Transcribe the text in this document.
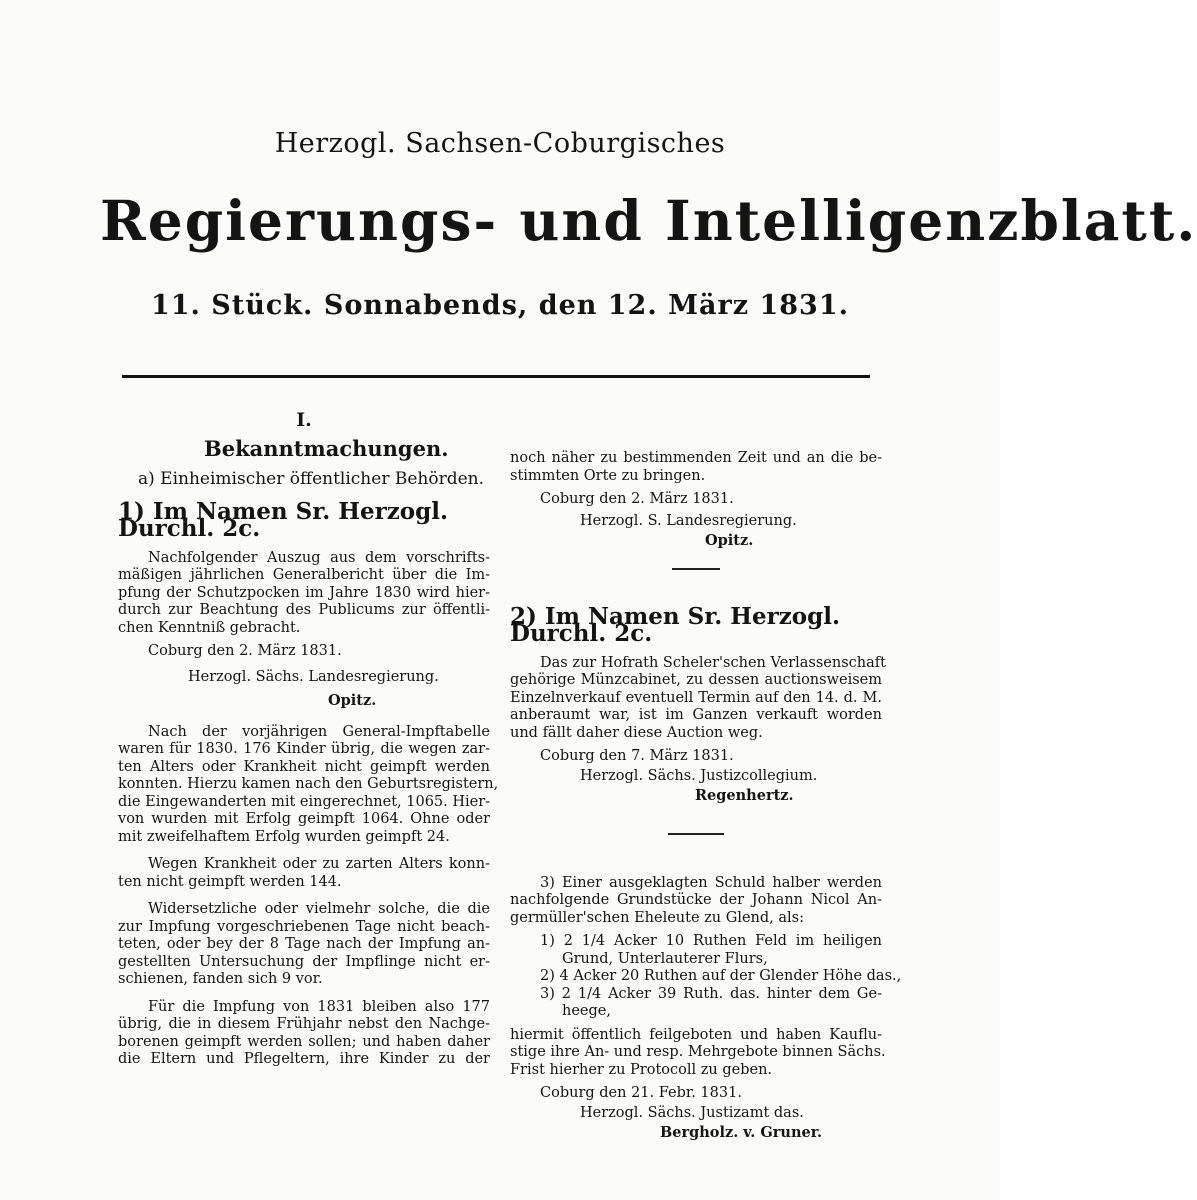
Herzogl. Sachsen-Coburgisches
Regierungs- und Intelligenzblatt.
11. Stück. Sonnabends, den 12. März 1831.
I.
Bekanntmachungen.
a) Einheimischer öffentlicher Behörden.
1) Im Namen Sr. Herzogl. Durchl. 2c.
Nachfolgender Auszug aus dem vorschrifts-
mäßigen jährlichen Generalbericht über die Im-
pfung der Schutzpocken im Jahre 1830 wird hier-
durch zur Beachtung des Publicums zur öffentli-
chen Kenntniß gebracht.
Coburg den 2. März 1831.
Herzogl. Sächs. Landesregierung.
Opitz.
Nach der vorjährigen General-Impftabelle
waren für 1830. 176 Kinder übrig, die wegen zar-
ten Alters oder Krankheit nicht geimpft werden
konnten. Hierzu kamen nach den Geburtsregistern,
die Eingewanderten mit eingerechnet, 1065. Hier-
von wurden mit Erfolg geimpft 1064. Ohne oder
mit zweifelhaftem Erfolg wurden geimpft 24.
Wegen Krankheit oder zu zarten Alters konn-
ten nicht geimpft werden 144.
Widersetzliche oder vielmehr solche, die die
zur Impfung vorgeschriebenen Tage nicht beach-
teten, oder bey der 8 Tage nach der Impfung an-
gestellten Untersuchung der Impflinge nicht er-
schienen, fanden sich 9 vor.
Für die Impfung von 1831 bleiben also 177
übrig, die in diesem Frühjahr nebst den Nachge-
borenen geimpft werden sollen; und haben daher
die Eltern und Pflegeltern, ihre Kinder zu der
noch näher zu bestimmenden Zeit und an die be-
stimmten Orte zu bringen.
Coburg den 2. März 1831.
Herzogl. S. Landesregierung.
Opitz.
2) Im Namen Sr. Herzogl. Durchl. 2c.
Das zur Hofrath Scheler'schen Verlassenschaft
gehörige Münzcabinet, zu dessen auctionsweisem
Einzelnverkauf eventuell Termin auf den 14. d. M.
anberaumt war, ist im Ganzen verkauft worden
und fällt daher diese Auction weg.
Coburg den 7. März 1831.
Herzogl. Sächs. Justizcollegium.
Regenhertz.
3) Einer ausgeklagten Schuld halber werden
nachfolgende Grundstücke der Johann Nicol An-
germüller'schen Eheleute zu Glend, als:
1) 2 1/4 Acker 10 Ruthen Feld im heiligen
Grund, Unterlauterer Flurs,
2) 4 Acker 20 Ruthen auf der Glender Höhe das.,
3) 2 1/4 Acker 39 Ruth. das. hinter dem Ge-
heege,
hiermit öffentlich feilgeboten und haben Kauflu-
stige ihre An- und resp. Mehrgebote binnen Sächs.
Frist hierher zu Protocoll zu geben.
Coburg den 21. Febr. 1831.
Herzogl. Sächs. Justizamt das.
Bergholz. v. Gruner.
